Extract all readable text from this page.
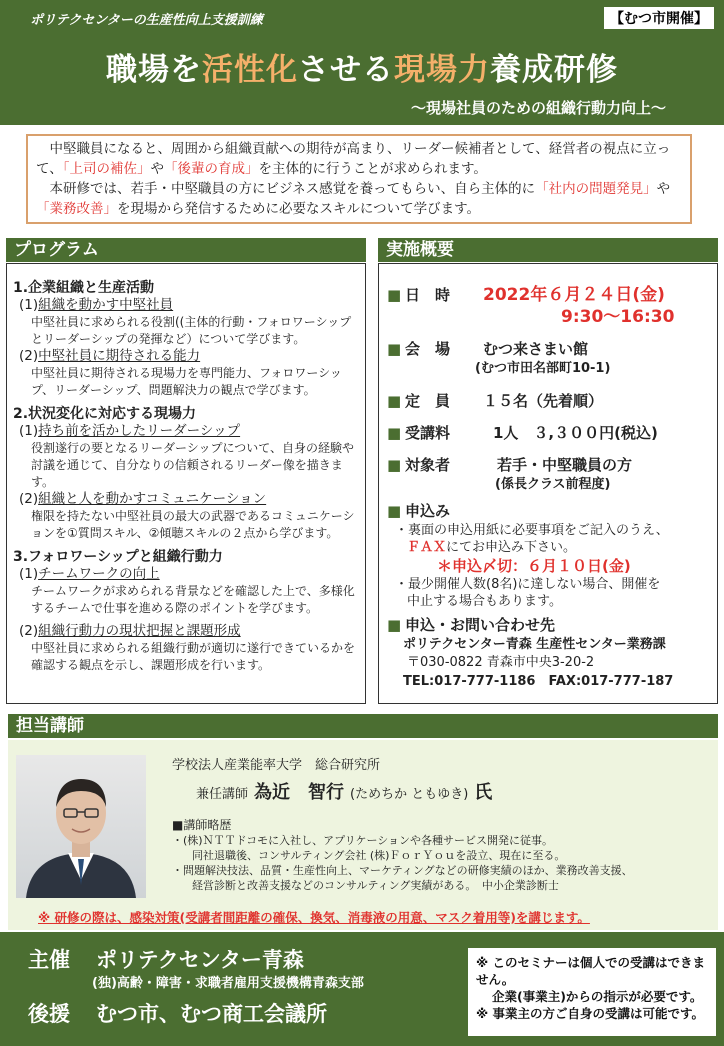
ポリテクセンターの生産性向上支援訓練	【むつ市開催】
職場を活性化させる現場力養成研修
～現場社員のための組織行動力向上～

中堅職員になると、周囲から組織貢献への期待が高まり、リーダー候補者として、経営者の視点に立って、「上司の補佐」や「後輩の育成」を主体的に行うことが求められます。

本研修では、若手・中堅職員の方にビジネス感覚を養ってもらい、自ら主体的に「社内の問題発見」や「業務改善」を現場から発信するために必要なスキルについて学びます。

プログラム
1.企業組織と生産活動
(1)組織を動かす中堅社員
中堅社員に求められる役割((主体的行動・フォロワーシップとリーダーシップの発揮など）について学びます。
(2)中堅社員に期待される能力
中堅社員に期待される現場力を専門能力、フォロワーシップ、リーダーシップ、問題解決力の観点で学びます。
2.状況変化に対応する現場力
(1)持ち前を活かしたリーダーシップ
役割遂行の要となるリーダーシップについて、自身の経験や討議を通じて、自分なりの信頼されるリーダー像を描きます。
(2)組織と人を動かすコミュニケーション
権限を持たない中堅社員の最大の武器であるコミュニケーションを①質問スキル、②傾聴スキルの２点から学びます。
3.フォロワーシップと組織行動力
(1)チームワークの向上
チームワークが求められる背景などを確認した上で、多様化するチームで仕事を進める際のポイントを学びます。
(2)組織行動力の現状把握と課題形成
中堅社員に求められる組織行動が適切に遂行できているかを確認する観点を示し、課題形成を行います。
実施概要
■ 日　時	2022年６月２４日(金)
9:30～16:30
■ 会　場	むつ来さまい館
(むつ市田名部町10-1)
■ 定　員	１５名（先着順）
■ 受講料	1人　３,３００円(税込)
■ 対象者	若手・中堅職員の方
(係長クラス前程度)
■ 申込み
・裏面の申込用紙に必要事項をご記入のうえ、
ＦＡＸにてお申込み下さい。
＊申込〆切：６月１０日(金)
・最少開催人数(8名)に達しない場合、開催を
中止する場合もあります。
■ 申込・お問い合わせ先
ポリテクセンター青森 生産性センター業務課
〒030-0822 青森市中央3-20-2
TEL:017-777-1186　FAX:017-777-187
担当講師
学校法人産業能率大学　総合研究所
兼任講師 為近　智行 (ためちか ともゆき) 氏
■講師略歴
・(株)ＮＴＴドコモに入社し、アプリケーションや各種サービス開発に従事。
同社退職後、コンサルティング会社 (株)ＦｏｒＹｏｕを設立、現在に至る。
・問題解決技法、品質・生産性向上、マーケティングなどの研修実績のほか、業務改善支援、
経営診断と改善支援などのコンサルティング実績がある。　中小企業診断士
※ 研修の際は、感染対策(受講者間距離の確保、換気、消毒液の用意、マスク着用等)を講じます。
主催 ポリテクセンター青森
(独)高齢・障害・求職者雇用支援機構青森支部
後援 むつ市、むつ商工会議所
※ このセミナーは個人での受講はできません。
企業(事業主)からの指示が必要です。
※ 事業主の方ご自身の受講は可能です。
